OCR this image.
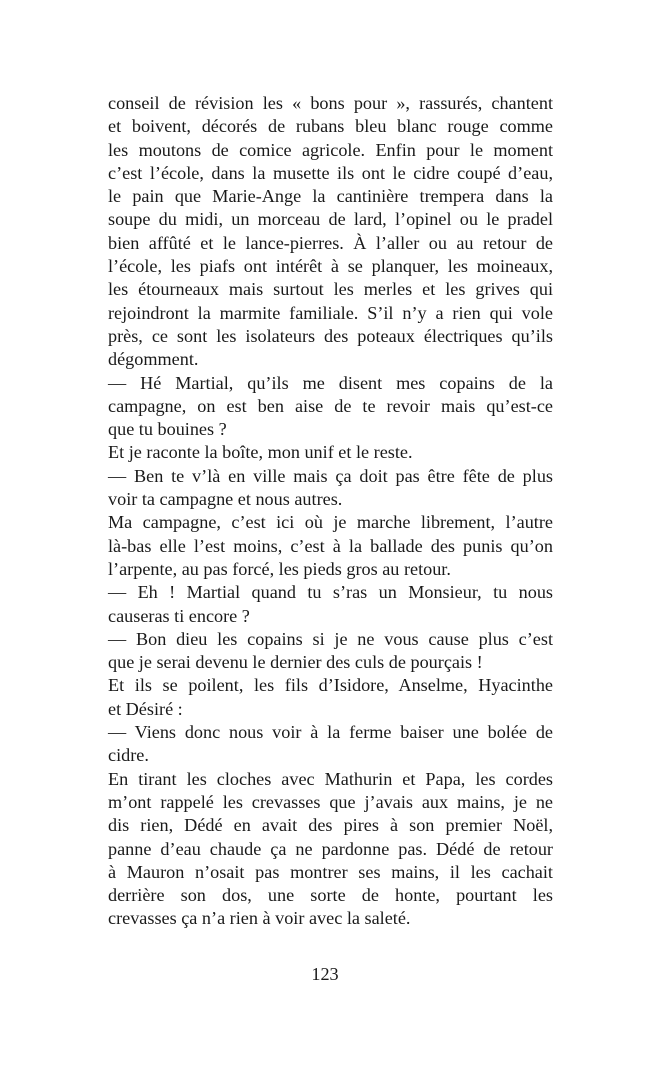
conseil de révision les « bons pour », rassurés, chantent
et boivent, décorés de rubans bleu blanc rouge comme
les moutons de comice agricole. Enfin pour le moment
c’est l’école, dans la musette ils ont le cidre coupé d’eau,
le pain que Marie-Ange la cantinière trempera dans la
soupe du midi, un morceau de lard, l’opinel ou le pradel
bien affûté et le lance-pierres. À l’aller ou au retour de
l’école, les piafs ont intérêt à se planquer, les moineaux,
les étourneaux mais surtout les merles et les grives qui
rejoindront la marmite familiale. S’il n’y a rien qui vole
près, ce sont les isolateurs des poteaux électriques qu’ils
dégomment.
— Hé Martial, qu’ils me disent mes copains de la
campagne, on est ben aise de te revoir mais qu’est-ce
que tu bouines ?
Et je raconte la boîte, mon unif et le reste.
— Ben te v’là en ville mais ça doit pas être fête de plus
voir ta campagne et nous autres.
Ma campagne, c’est ici où je marche librement, l’autre
là-bas elle l’est moins, c’est à la ballade des punis qu’on
l’arpente, au pas forcé, les pieds gros au retour.
— Eh ! Martial quand tu s’ras un Monsieur, tu nous
causeras ti encore ?
— Bon dieu les copains si je ne vous cause plus c’est
que je serai devenu le dernier des culs de pourçais !
Et ils se poilent, les fils d’Isidore, Anselme, Hyacinthe
et Désiré :
— Viens donc nous voir à la ferme baiser une bolée de
cidre.
En tirant les cloches avec Mathurin et Papa, les cordes
m’ont rappelé les crevasses que j’avais aux mains, je ne
dis rien, Dédé en avait des pires à son premier Noël,
panne d’eau chaude ça ne pardonne pas. Dédé de retour
à Mauron n’osait pas montrer ses mains, il les cachait
derrière son dos, une sorte de honte, pourtant les
crevasses ça n’a rien à voir avec la saleté.
123
